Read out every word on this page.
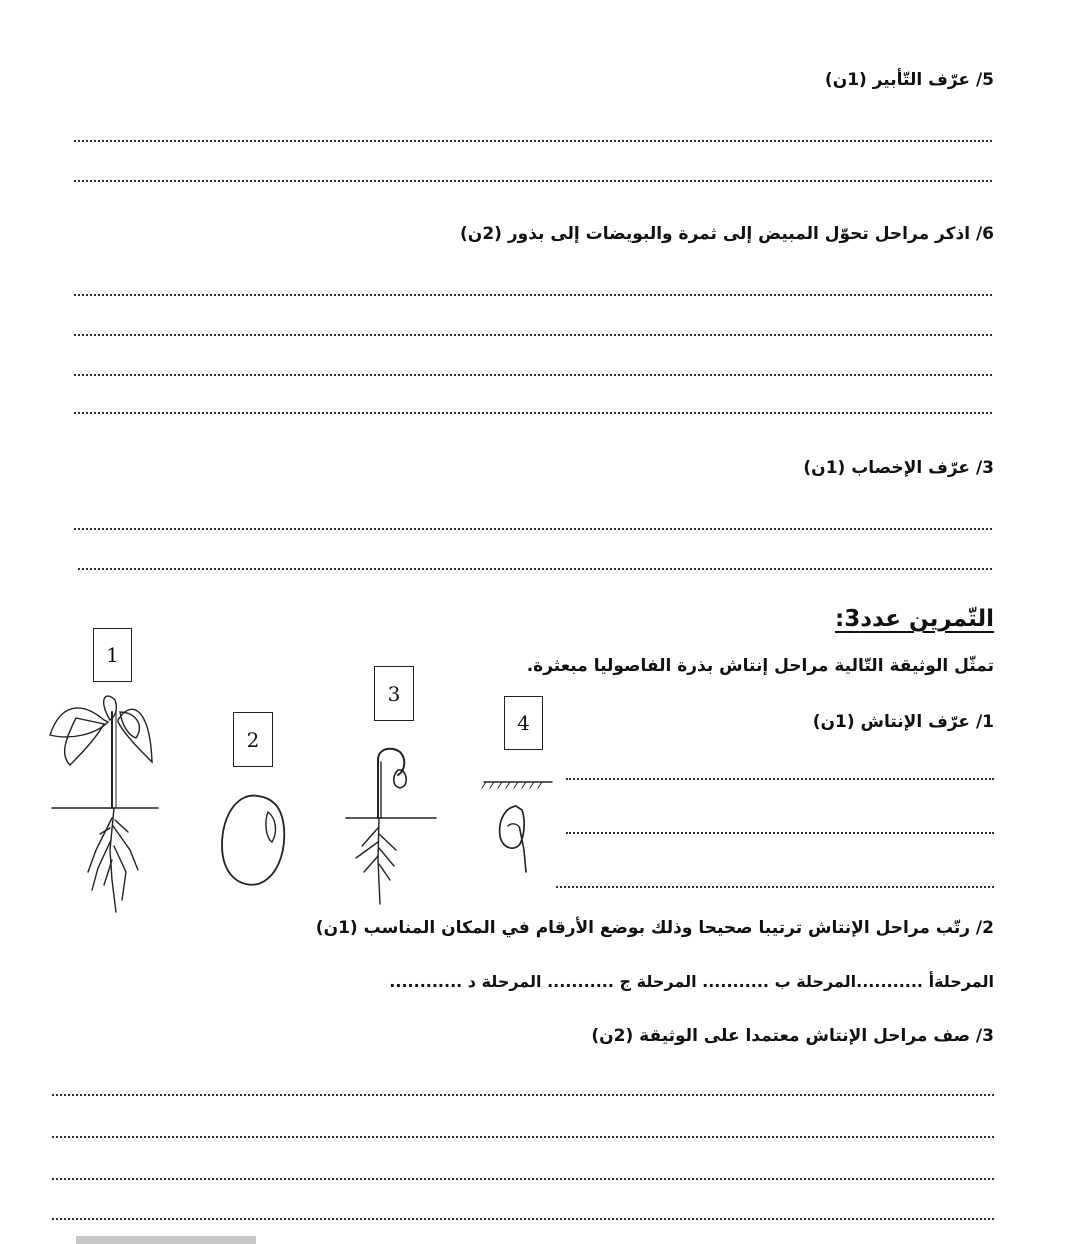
5/ عرّف التّأبير (1ن)
6/ اذكر مراحل تحوّل المبيض إلى ثمرة والبويضات إلى بذور (2ن)
3/ عرّف الإخصاب (1ن)
التّمرين عدد3:
تمثّل الوثيقة التّالية مراحل إنتاش بذرة الفاصوليا مبعثرة.
1/ عرّف الإنتاش (1ن)
2/ رتّب مراحل الإنتاش ترتيبا صحيحا وذلك بوضع الأرقام في المكان المناسب (1ن)
المرحلةأ ...........المرحلة ب ........... المرحلة ج ........... المرحلة د ............
3/ صف مراحل الإنتاش معتمدا على الوثيقة (2ن)
1
2
3
4
